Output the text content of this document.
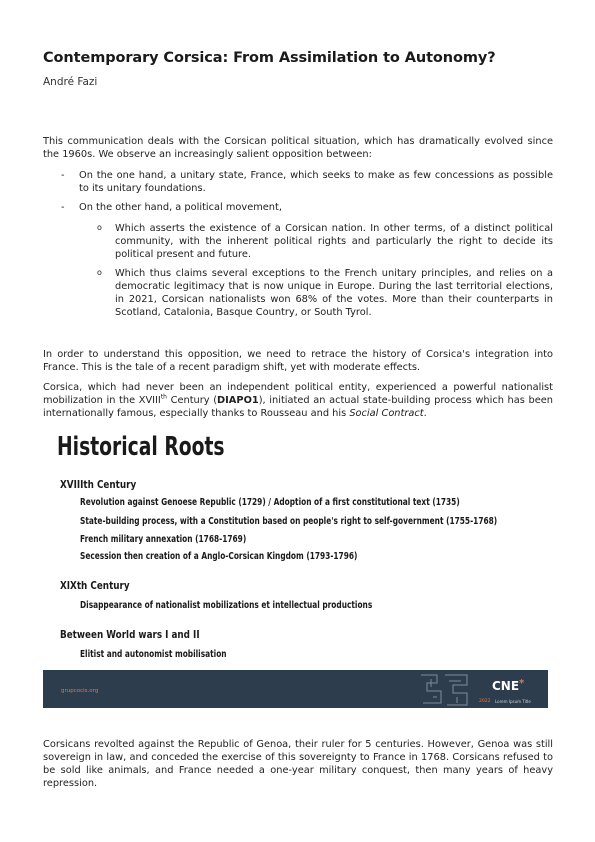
Contemporary Corsica: From Assimilation to Autonomy?
André Fazi
This communication deals with the Corsican political situation, which has dramatically evolved since the 1960s. We observe an increasingly salient opposition between:
- On the one hand, a unitary state, France, which seeks to make as few concessions as possible to its unitary foundations.
- On the other hand, a political movement,
o Which asserts the existence of a Corsican nation. In other terms, of a distinct political community, with the inherent political rights and particularly the right to decide its political present and future.
o Which thus claims several exceptions to the French unitary principles, and relies on a democratic legitimacy that is now unique in Europe. During the last territorial elections, in 2021, Corsican nationalists won 68% of the votes. More than their counterparts in Scotland, Catalonia, Basque Country, or South Tyrol.
In order to understand this opposition, we need to retrace the history of Corsica's integration into France. This is the tale of a recent paradigm shift, yet with moderate effects.
Corsica, which had never been an independent political entity, experienced a powerful nationalist mobilization in the XVIIIth Century (DIAPO1), initiated an actual state-building process which has been internationally famous, especially thanks to Rousseau and his Social Contract.
Historical Roots
XVIIIth Century
Revolution against Genoese Republic (1729) / Adoption of a first constitutional text (1735)
State-building process, with a Constitution based on people's right to self-government (1755-1768)
French military annexation (1768-1769)
Secession then creation of a Anglo-Corsican Kingdom (1793-1796)
XIXth Century
Disappearance of nationalist mobilizations et intellectual productions
Between World wars I and II
Elitist and autonomist mobilisation
grupcocis.org	CNE*
2022 Lorem Ipsum Title
Corsicans revolted against the Republic of Genoa, their ruler for 5 centuries. However, Genoa was still sovereign in law, and conceded the exercise of this sovereignty to France in 1768. Corsicans refused to be sold like animals, and France needed a one-year military conquest, then many years of heavy repression.
